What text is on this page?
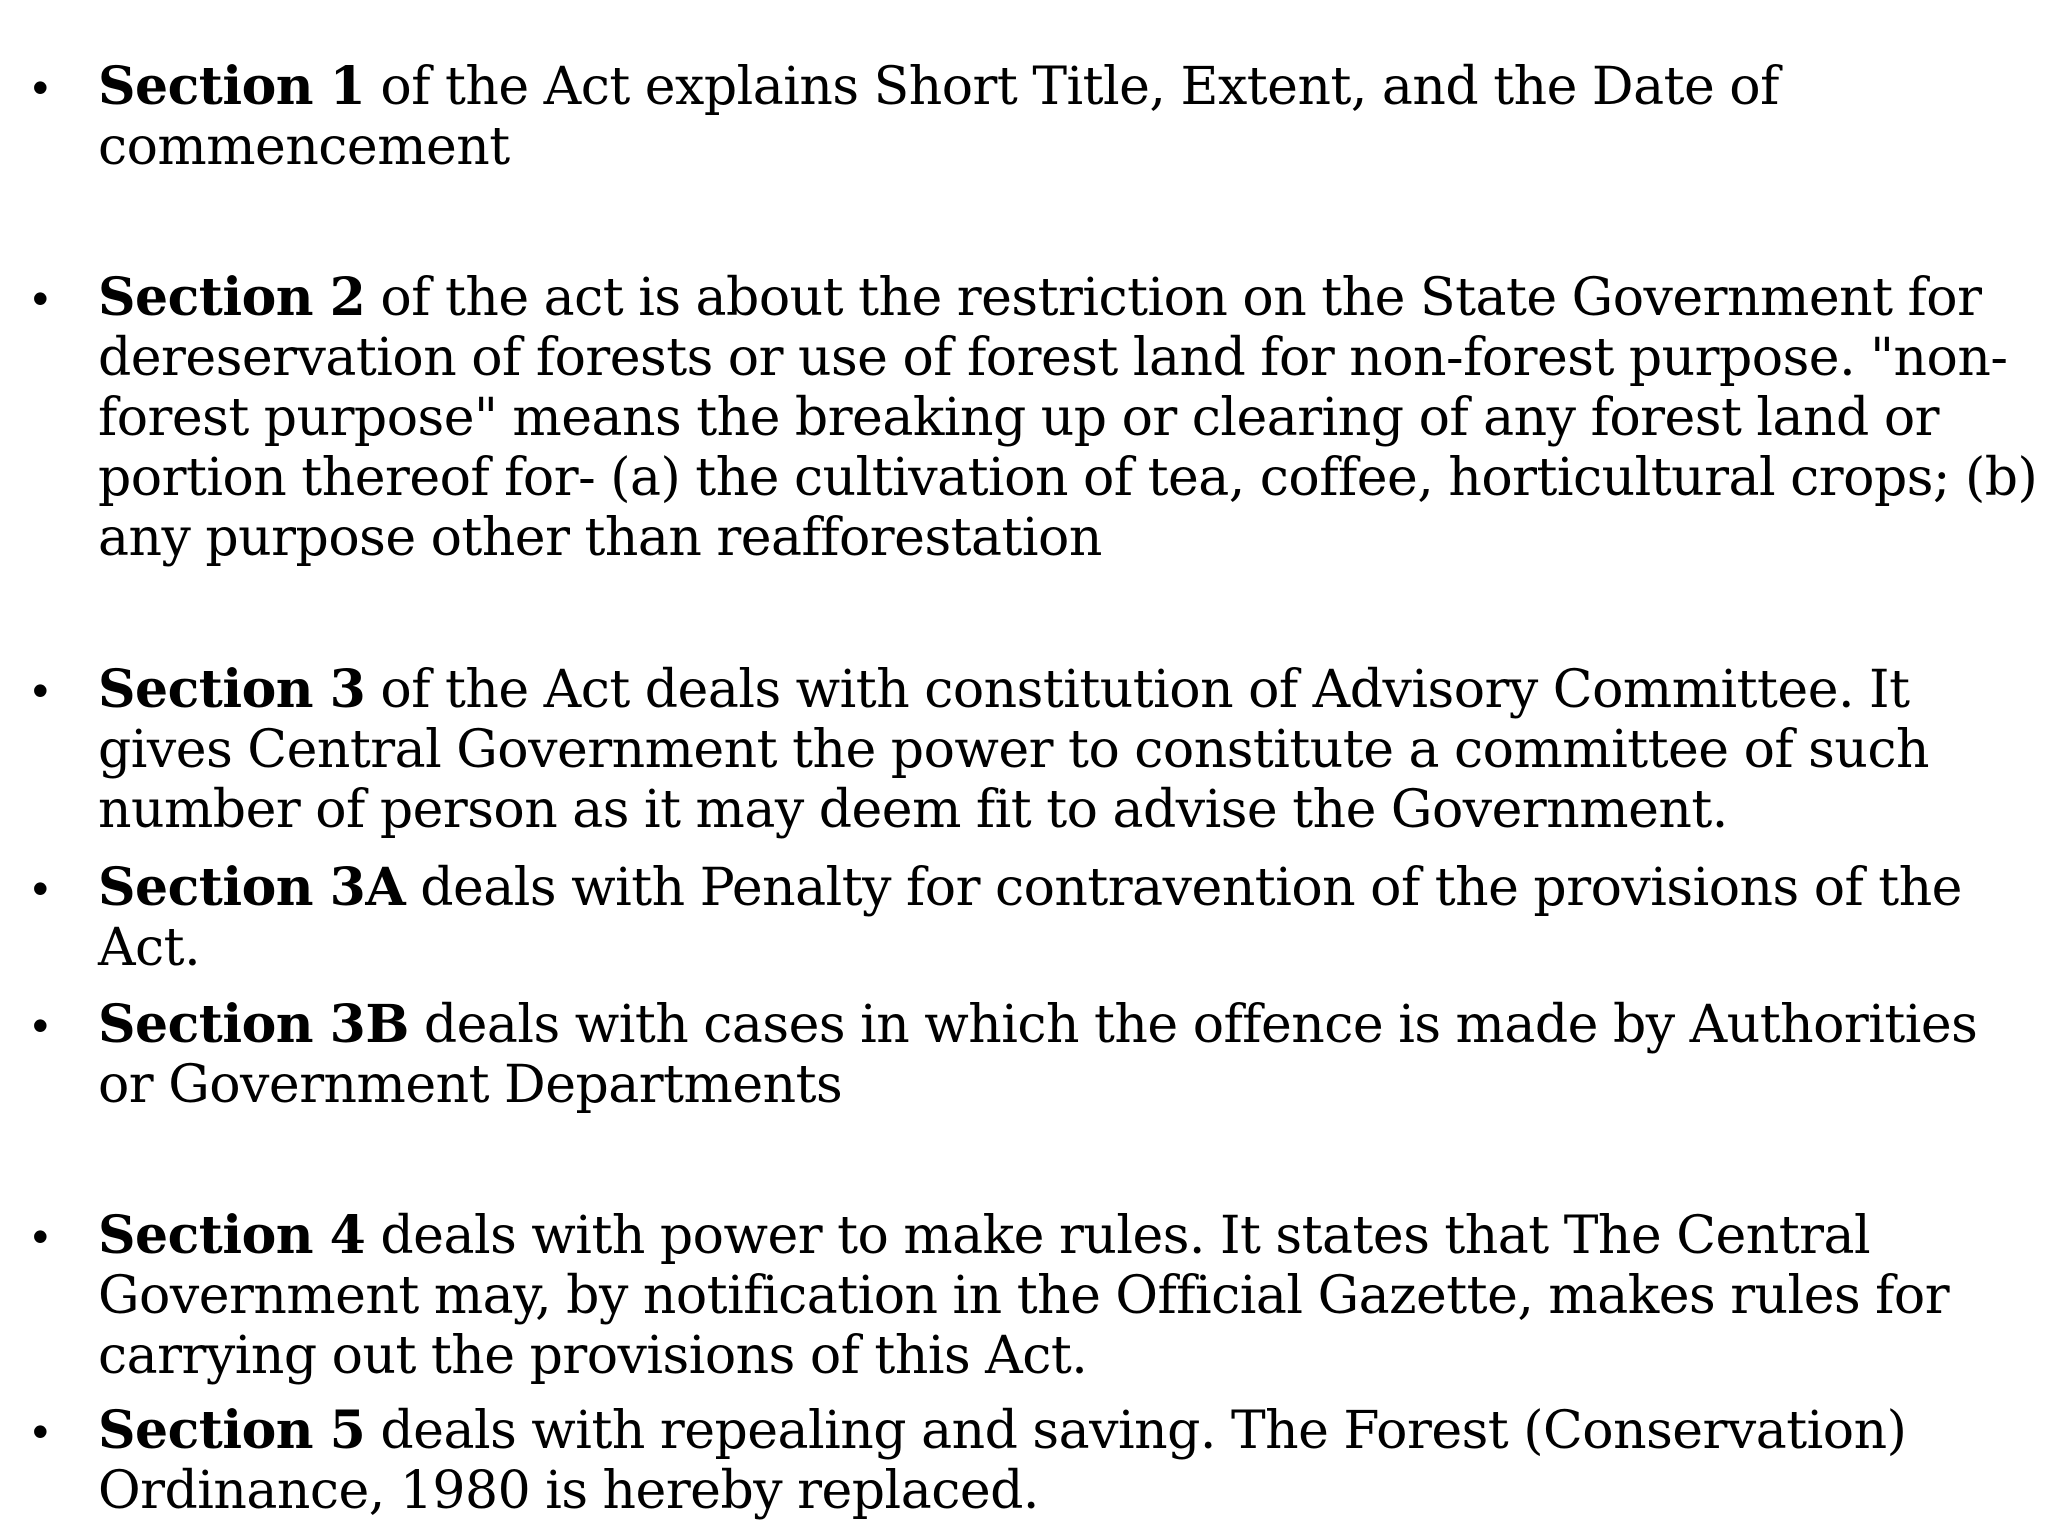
• Section 1 of the Act explains Short Title, Extent, and the Date of commencement
• Section 2 of the act is about the restriction on the State Government for dereservation of forests or use of forest land for non-forest purpose. "non-forest purpose" means the breaking up or clearing of any forest land or portion thereof for- (a) the cultivation of tea, coffee, horticultural crops; (b) any purpose other than reafforestation
• Section 3 of the Act deals with constitution of Advisory Committee. It gives Central Government the power to constitute a committee of such number of person as it may deem fit to advise the Government.
• Section 3A deals with Penalty for contravention of the provisions of the Act.
• Section 3B deals with cases in which the offence is made by Authorities or Government Departments
• Section 4 deals with power to make rules. It states that The Central Government may, by notification in the Official Gazette, makes rules for carrying out the provisions of this Act.
• Section 5 deals with repealing and saving. The Forest (Conservation) Ordinance, 1980 is hereby replaced.
